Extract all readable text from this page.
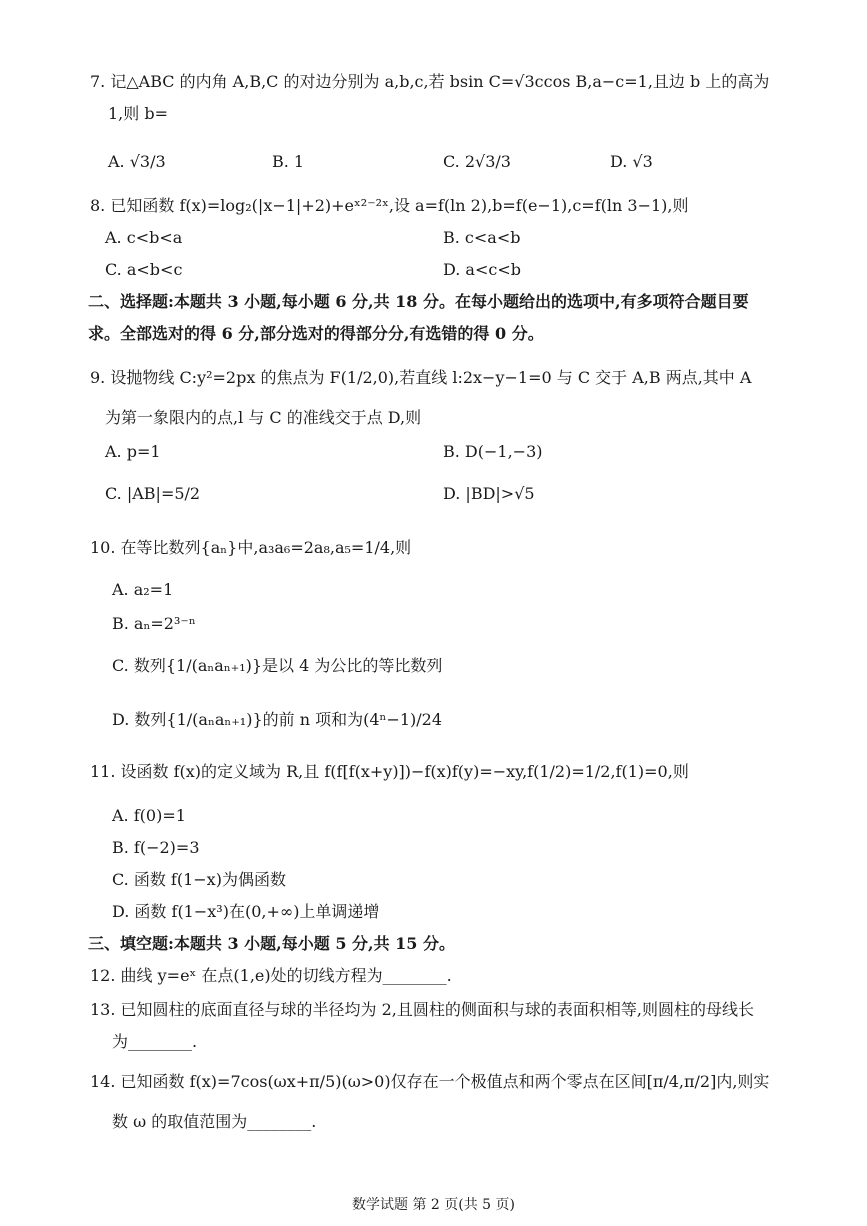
7. 记△ABC 的内角 A,B,C 的对边分别为 a,b,c,若 bsin C=√3ccos B,a−c=1,且边 b 上的高为
1,则 b=
A. √3/3	B. 1	C. 2√3/3	D. √3
8. 已知函数 f(x)=log₂(|x−1|+2)+eˣ²⁻²ˣ,设 a=f(ln 2),b=f(e−1),c=f(ln 3−1),则
A. c<b<a	B. c<a<b
C. a<b<c	D. a<c<b
二、选择题:本题共 3 小题,每小题 6 分,共 18 分。在每小题给出的选项中,有多项符合题目要
求。全部选对的得 6 分,部分选对的得部分分,有选错的得 0 分。
9. 设抛物线 C:y²=2px 的焦点为 F(1/2,0),若直线 l:2x−y−1=0 与 C 交于 A,B 两点,其中 A
为第一象限内的点,l 与 C 的准线交于点 D,则
A. p=1	B. D(−1,−3)
C. |AB|=5/2	D. |BD|>√5
10. 在等比数列{aₙ}中,a₃a₆=2a₈,a₅=1/4,则
A. a₂=1
B. aₙ=2³⁻ⁿ
C. 数列{1/(aₙaₙ₊₁)}是以 4 为公比的等比数列
D. 数列{1/(aₙaₙ₊₁)}的前 n 项和为(4ⁿ−1)/24
11. 设函数 f(x)的定义域为 R,且 f(f[f(x+y)])−f(x)f(y)=−xy,f(1/2)=1/2,f(1)=0,则
A. f(0)=1
B. f(−2)=3
C. 函数 f(1−x)为偶函数
D. 函数 f(1−x³)在(0,+∞)上单调递增
三、填空题:本题共 3 小题,每小题 5 分,共 15 分。
12. 曲线 y=eˣ 在点(1,e)处的切线方程为________.
13. 已知圆柱的底面直径与球的半径均为 2,且圆柱的侧面积与球的表面积相等,则圆柱的母线长
为________.
14. 已知函数 f(x)=7cos(ωx+π/5)(ω>0)仅存在一个极值点和两个零点在区间[π/4,π/2]内,则实
数 ω 的取值范围为________.
数学试题 第 2 页(共 5 页)
